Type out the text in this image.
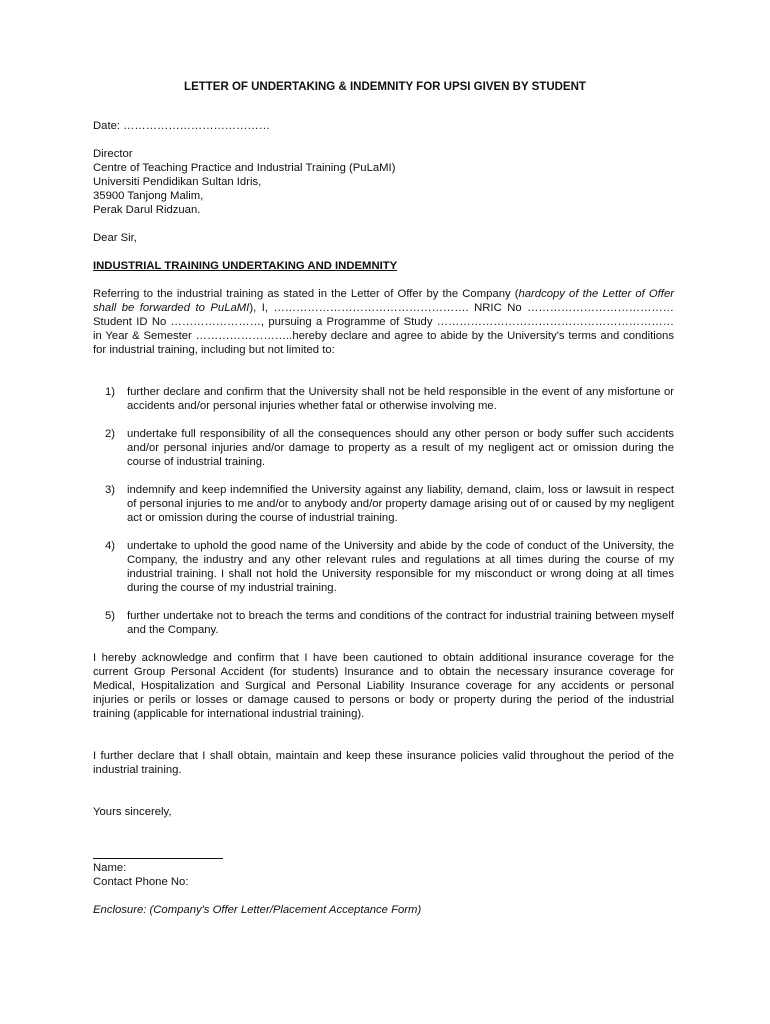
LETTER OF UNDERTAKING & INDEMNITY FOR UPSI GIVEN BY STUDENT
Date: …………………………………
Director
Centre of Teaching Practice and Industrial Training (PuLaMI)
Universiti Pendidikan Sultan Idris,
35900 Tanjong Malim,
Perak Darul Ridzuan.
Dear Sir,
INDUSTRIAL TRAINING UNDERTAKING AND INDEMNITY
Referring to the industrial training as stated in the Letter of Offer by the Company (hardcopy of the Letter of Offer shall be forwarded to PuLaMI), I, ……………………………………………. NRIC No ………………………………… Student ID No ……………………, pursuing a Programme of Study ……………………………………………………… in Year & Semester ……………………..hereby declare and agree to abide by the University's terms and conditions for industrial training, including but not limited to:
1) further declare and confirm that the University shall not be held responsible in the event of any misfortune or accidents and/or personal injuries whether fatal or otherwise involving me.
2) undertake full responsibility of all the consequences should any other person or body suffer such accidents and/or personal injuries and/or damage to property as a result of my negligent act or omission during the course of industrial training.
3) indemnify and keep indemnified the University against any liability, demand, claim, loss or lawsuit in respect of personal injuries to me and/or to anybody and/or property damage arising out of or caused by my negligent act or omission during the course of industrial training.
4) undertake to uphold the good name of the University and abide by the code of conduct of the University, the Company, the industry and any other relevant rules and regulations at all times during the course of my industrial training. I shall not hold the University responsible for my misconduct or wrong doing at all times during the course of my industrial training.
5) further undertake not to breach the terms and conditions of the contract for industrial training between myself and the Company.
I hereby acknowledge and confirm that I have been cautioned to obtain additional insurance coverage for the current Group Personal Accident (for students) Insurance and to obtain the necessary insurance coverage for Medical, Hospitalization and Surgical and Personal Liability Insurance coverage for any accidents or personal injuries or perils or losses or damage caused to persons or body or property during the period of the industrial training (applicable for international industrial training).
I further declare that I shall obtain, maintain and keep these insurance policies valid throughout the period of the industrial training.
Yours sincerely,
Name:
Contact Phone No:
Enclosure: (Company's Offer Letter/Placement Acceptance Form)
